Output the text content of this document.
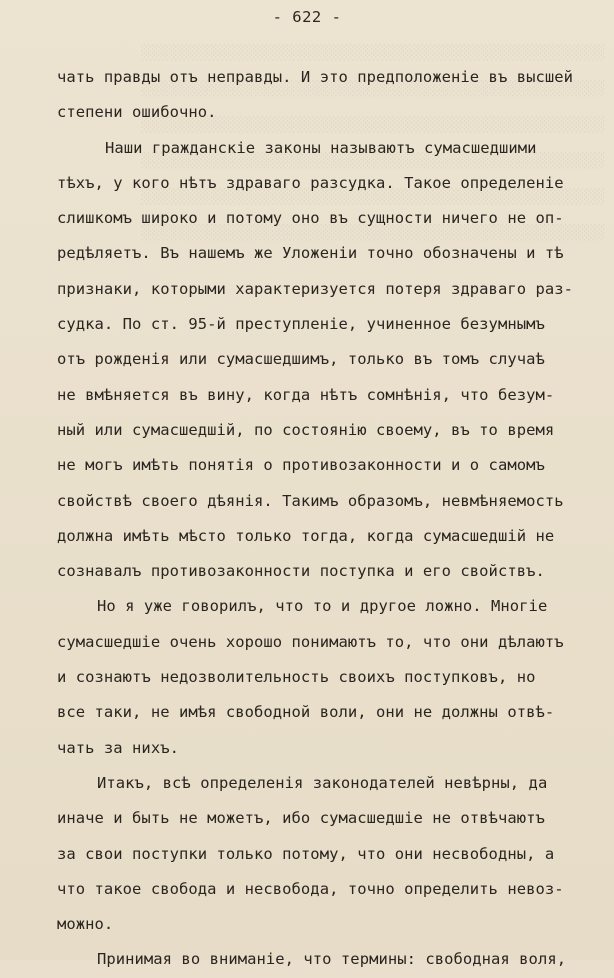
░░░░░░░░░░░░░░░░░░░░░░░░░░░░░░░░░░░░░░░░░░░░░░░░░░░░░░░
░░░░░░░░░░░░░░░░░░░░░░░░░░░░░░░░░░░░░░░░░░░░░░░░░░░░░░░
░░░░░░░░░░░░░░░░░░░░░░░░░░░░░░░░░░░░░░░░░░░░░░░░░░░░░░░
░░░░░░░░░░░░░░░░░░░░░░░░░░░░░░░░░░░░░░░░░░░░░░░░░░░░░░░
░░░░░░░░░░░░░░░░░░░░░░░░░░░░░░░░░░░░░░░░░░░░░░░░░░░░░░░
░░░░░░░░░░░░░░░░░░░░░░░░░░░░░░░░░░░░░░░░░░░░░░░░░░░░░░░
- 622 -
чать правды отъ неправды. И это предположенiе въ высшей
степени ошибочно.
Наши гражданскiе законы называютъ сумасшедшими
тѣхъ, у кого нѣтъ здраваго разсудка. Такое определенiе
слишкомъ широко и потому оно въ сущности ничего не оп-
редѣляетъ. Въ нашемъ же Уложенiи точно обозначены и тѣ
признаки, которыми характеризуется потеря здраваго раз-
судка. По ст. 95-й преступленiе, учиненное безумнымъ
отъ рожденiя или сумасшедшимъ, только въ томъ случаѣ
не вмѣняется въ вину, когда нѣтъ сомнѣнiя, что безум-
ный или сумасшедшiй, по состоянiю своему, въ то время
не могъ имѣть понятiя о противозаконности и о самомъ
свойствѣ своего дѣянiя. Такимъ образомъ, невмѣняемость
должна имѣть мѣсто только тогда, когда сумасшедшiй не
сознавалъ противозаконности поступка и его свойствъ.
Но я уже говорилъ, что то и другое ложно. Многiе
сумасшедшiе очень хорошо понимаютъ то, что они дѣлаютъ
и сознаютъ недозволительность своихъ поступковъ, но
все таки, не имѣя свободной воли, они не должны отвѣ-
чать за нихъ.
Итакъ, всѣ определенiя законодателей невѣрны, да
иначе и быть не можетъ, ибо сумасшедшiе не отвѣчаютъ
за свои поступки только потому, что они несвободны, а
что такое свобода и несвобода, точно определить невоз-
можно.
Принимая во вниманiе, что термины: свободная воля,
